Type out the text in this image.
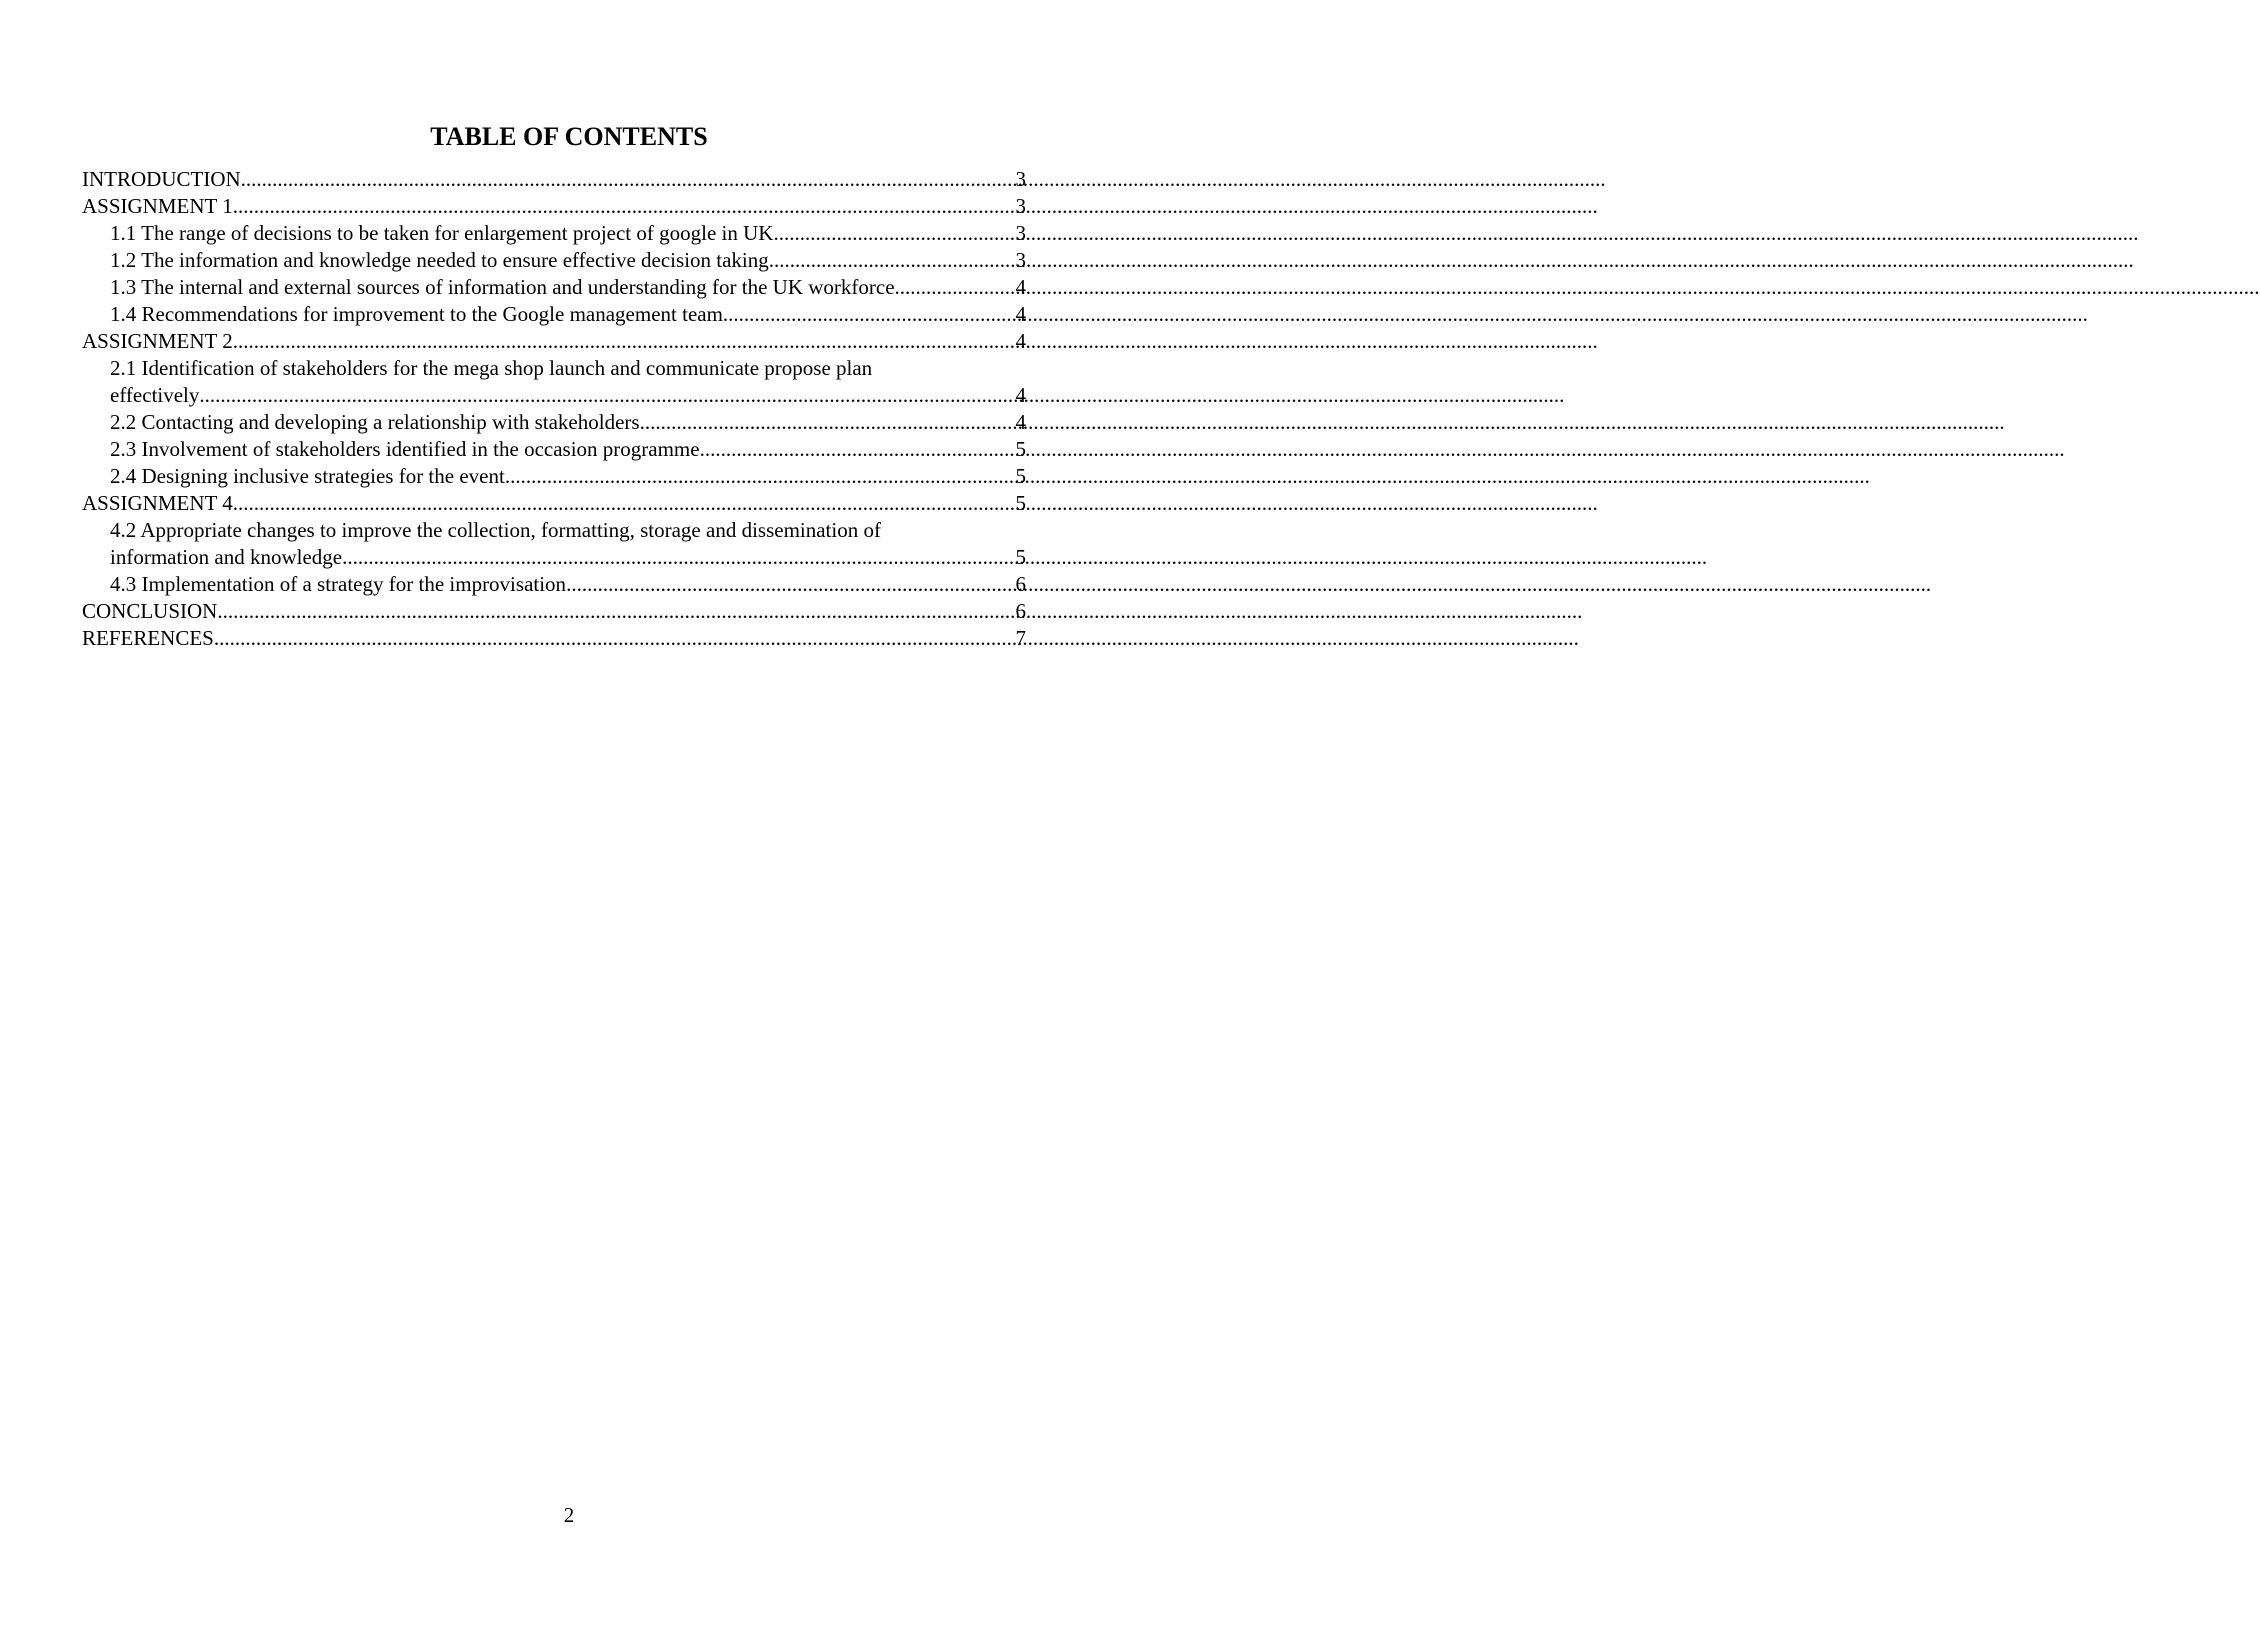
TABLE OF CONTENTS
INTRODUCTION .....	3
ASSIGNMENT 1 .....	3
1.1 The range of decisions to be taken for enlargement project of google in UK .....	3
1.2 The information and knowledge needed to ensure effective decision taking .....	3
1.3 The internal and external sources of information and understanding for the UK workforce .....	4
1.4 Recommendations for improvement to the Google management team .....	4
ASSIGNMENT 2 .....	4
2.1 Identification of stakeholders for the mega shop launch and communicate propose plan
effectively .....	4
2.2 Contacting and developing a relationship with stakeholders .....	4
2.3 Involvement of stakeholders identified in the occasion programme .....	5
2.4 Designing inclusive strategies for the event .....	5
ASSIGNMENT 4 .....	5
4.2 Appropriate changes to improve the collection, formatting, storage and dissemination of
information and knowledge .....	5
4.3 Implementation of a strategy for the improvisation .....	6
CONCLUSION .....	6
REFERENCES .....	7
2
